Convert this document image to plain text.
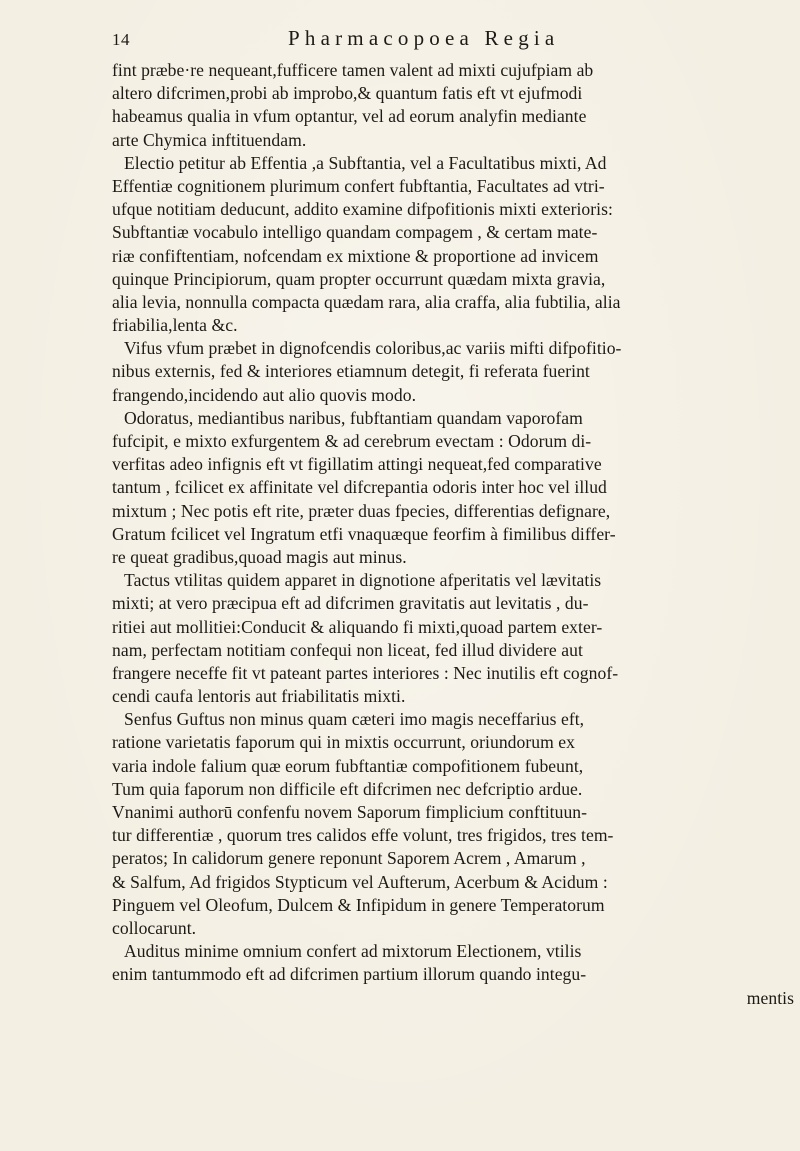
14	Pharmacopoea Regia
fint præbe·re nequeant,fufficere tamen valent ad mixti cujufpiam ab
altero difcrimen,probi ab improbo,& quantum fatis eft vt ejufmodi
habeamus qualia in vfum optantur, vel ad eorum analyfin mediante
arte Chymica inftituendam.
Electio petitur ab Effentia ,a Subftantia, vel a Facultatibus mixti, Ad
Effentiæ cognitionem plurimum confert fubftantia, Facultates ad vtri-
ufque notitiam deducunt, addito examine difpofitionis mixti exterioris:
Subftantiæ vocabulo intelligo quandam compagem , & certam mate-
riæ confiftentiam, nofcendam ex mixtione & proportione ad invicem
quinque Principiorum, quam propter occurrunt quædam mixta gravia,
alia levia, nonnulla compacta quædam rara, alia craffa, alia fubtilia, alia
friabilia,lenta &c.
Vifus vfum præbet in dignofcendis coloribus,ac variis mifti difpofitio-
nibus externis, fed & interiores etiamnum detegit, fi referata fuerint
frangendo,incidendo aut alio quovis modo.
Odoratus, mediantibus naribus, fubftantiam quandam vaporofam
fufcipit, e mixto exfurgentem & ad cerebrum evectam : Odorum di-
verfitas adeo infignis eft vt figillatim attingi nequeat,fed comparative
tantum , fcilicet ex affinitate vel difcrepantia odoris inter hoc vel illud
mixtum ; Nec potis eft rite, præter duas fpecies, differentias defignare,
Gratum fcilicet vel Ingratum etfi vnaquæque feorfim à fimilibus differ-
re queat gradibus,quoad magis aut minus.
Tactus vtilitas quidem apparet in dignotione afperitatis vel lævitatis
mixti; at vero præcipua eft ad difcrimen gravitatis aut levitatis , du-
ritiei aut mollitiei:Conducit & aliquando fi mixti,quoad partem exter-
nam, perfectam notitiam confequi non liceat, fed illud dividere aut
frangere neceffe fit vt pateant partes interiores : Nec inutilis eft cognof-
cendi caufa lentoris aut friabilitatis mixti.
Senfus Guftus non minus quam cæteri imo magis neceffarius eft,
ratione varietatis faporum qui in mixtis occurrunt, oriundorum ex
varia indole falium quæ eorum fubftantiæ compofitionem fubeunt,
Tum quia faporum non difficile eft difcrimen nec defcriptio ardue.
Vnanimi authorū confenfu novem Saporum fimplicium conftituun-
tur differentiæ , quorum tres calidos effe volunt, tres frigidos, tres tem-
peratos; In calidorum genere reponunt Saporem Acrem , Amarum ,
& Salfum, Ad frigidos Stypticum vel Aufterum, Acerbum & Acidum :
Pinguem vel Oleofum, Dulcem & Infipidum in genere Temperatorum
collocarunt.
Auditus minime omnium confert ad mixtorum Electionem, vtilis
enim tantummodo eft ad difcrimen partium illorum quando integu-
mentis
